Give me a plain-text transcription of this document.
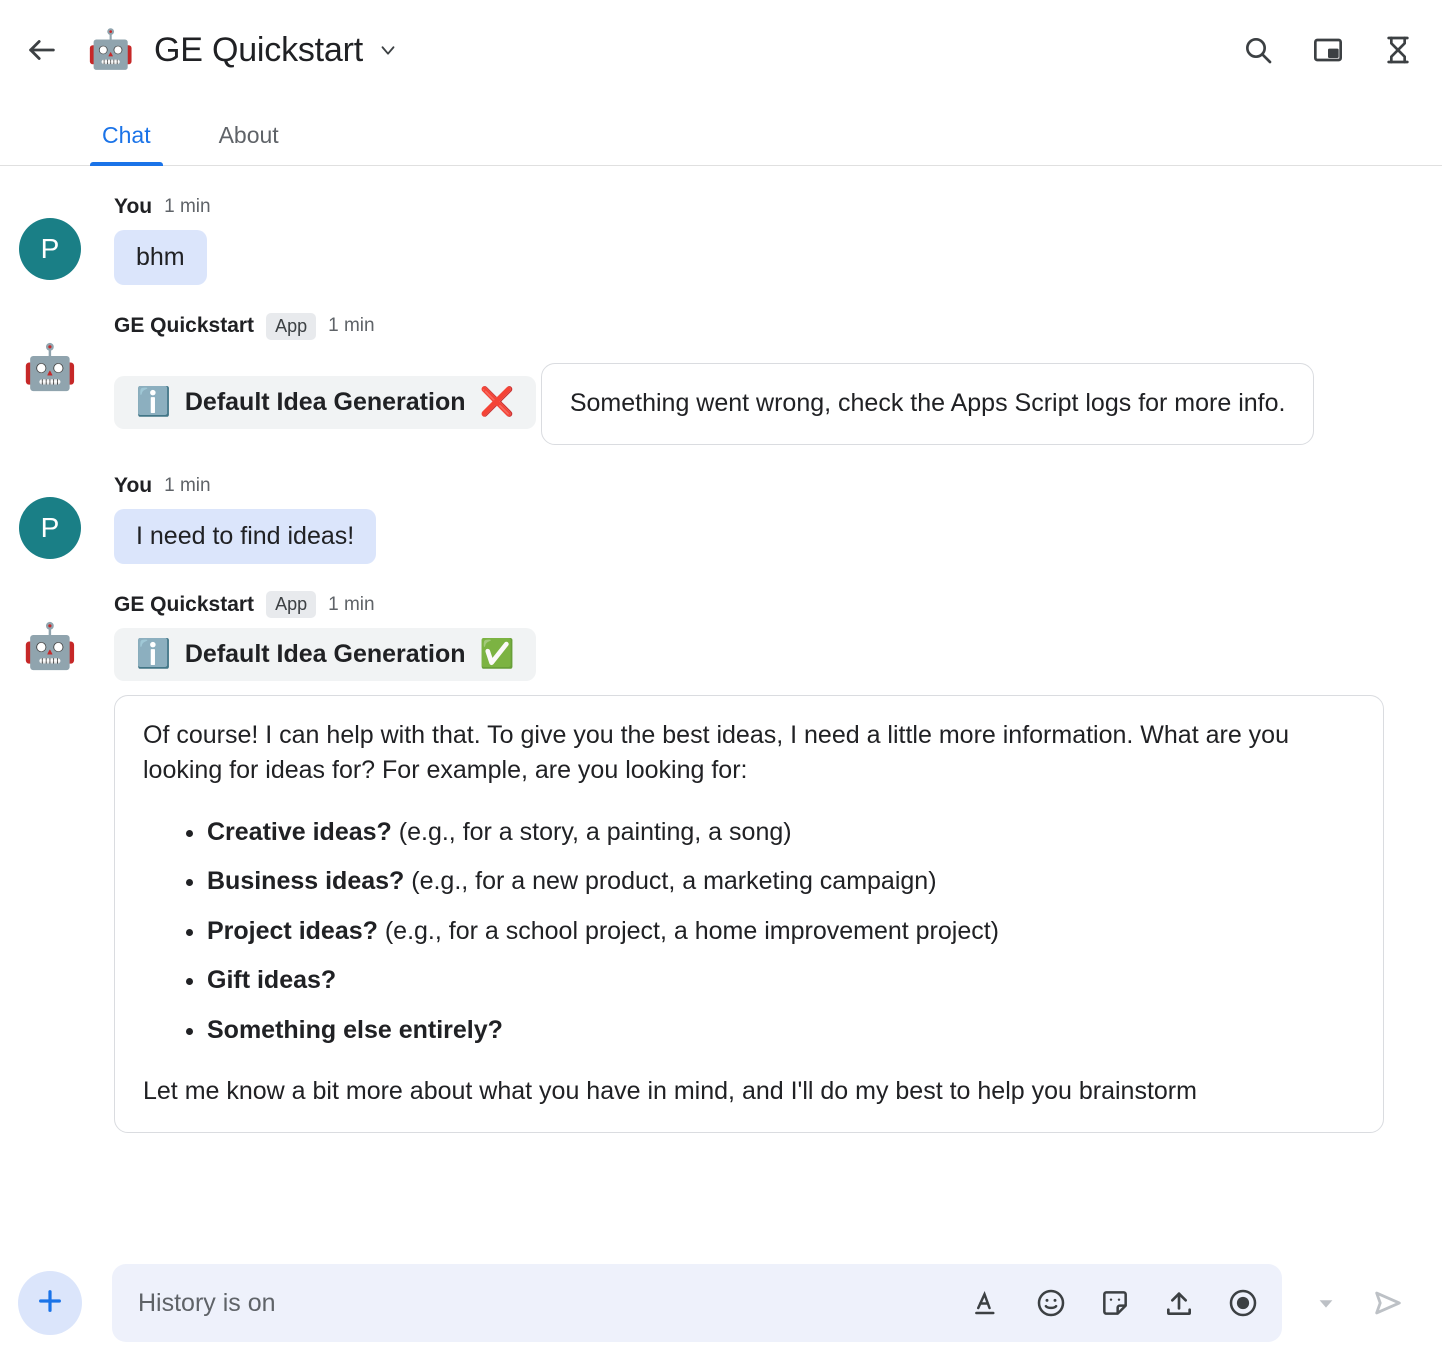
🤖 GE Quickstart
Chat	About
P
You 1 min
bhm
🤖
GE Quickstart	App	1 min
ℹ️ Default Idea Generation ❌
Something went wrong, check the Apps Script logs for more info.

P
You 1 min
I need to find ideas!
🤖
GE Quickstart	App	1 min
ℹ️ Default Idea Generation ✅

Of course! I can help with that. To give you the best ideas, I need a little more information. What are you looking for ideas for? For example, are you looking for:

• Creative ideas? (e.g., for a story, a painting, a song)
• Business ideas? (e.g., for a new product, a marketing campaign)
• Project ideas? (e.g., for a school project, a home improvement project)
• Gift ideas?
• Something else entirely?

Let me know a bit more about what you have in mind, and I'll do my best to help you brainstorm

History is on
